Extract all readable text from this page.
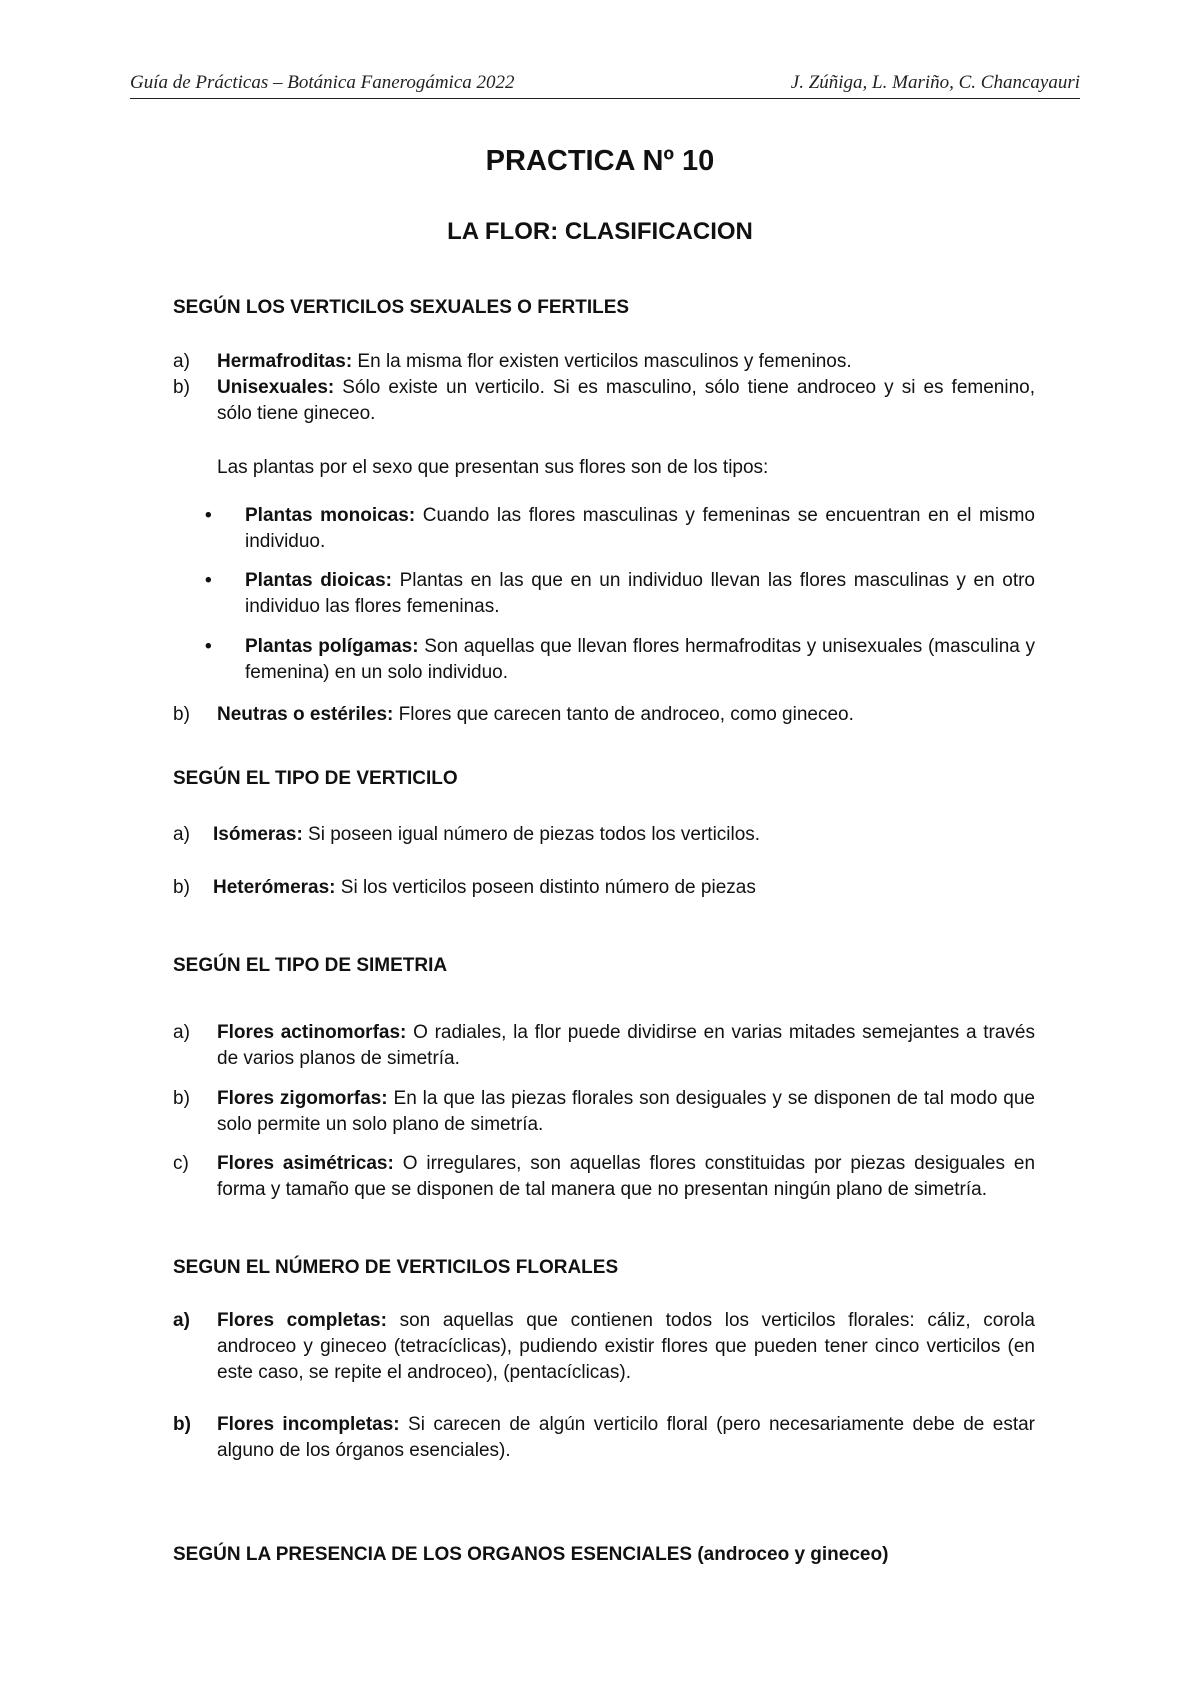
Guía de Prácticas – Botánica Fanerogámica 2022	J. Zúñiga, L. Mariño, C. Chancayauri
PRACTICA Nº 10
LA FLOR: CLASIFICACION
SEGÚN LOS VERTICILOS SEXUALES O FERTILES
a) Hermafroditas: En la misma flor existen verticilos masculinos y femeninos.
b) Unisexuales: Sólo existe un verticilo. Si es masculino, sólo tiene androceo y si es femenino, sólo tiene gineceo.
Las plantas por el sexo que presentan sus flores son de los tipos:
• Plantas monoicas: Cuando las flores masculinas y femeninas se encuentran en el mismo individuo.
• Plantas dioicas: Plantas en las que en un individuo llevan las flores masculinas y en otro individuo las flores femeninas.
• Plantas polígamas: Son aquellas que llevan flores hermafroditas y unisexuales (masculina y femenina) en un solo individuo.
b) Neutras o estériles: Flores que carecen tanto de androceo, como gineceo.
SEGÚN EL TIPO DE VERTICILO
a) Isómeras: Si poseen igual número de piezas todos los verticilos.
b) Heterómeras: Si los verticilos poseen distinto número de piezas
SEGÚN EL TIPO DE SIMETRIA
a) Flores actinomorfas: O radiales, la flor puede dividirse en varias mitades semejantes a través de varios planos de simetría.
b) Flores zigomorfas: En la que las piezas florales son desiguales y se disponen de tal modo que solo permite un solo plano de simetría.
c) Flores asimétricas: O irregulares, son aquellas flores constituidas por piezas desiguales en forma y tamaño que se disponen de tal manera que no presentan ningún plano de simetría.
SEGUN EL NÚMERO DE VERTICILOS FLORALES
a) Flores completas: son aquellas que contienen todos los verticilos florales: cáliz, corola androceo y gineceo (tetracíclicas), pudiendo existir flores que pueden tener cinco verticilos (en este caso, se repite el androceo), (pentacíclicas).
b) Flores incompletas: Si carecen de algún verticilo floral (pero necesariamente debe de estar alguno de los órganos esenciales).
SEGÚN LA PRESENCIA DE LOS ORGANOS ESENCIALES (androceo y gineceo)
